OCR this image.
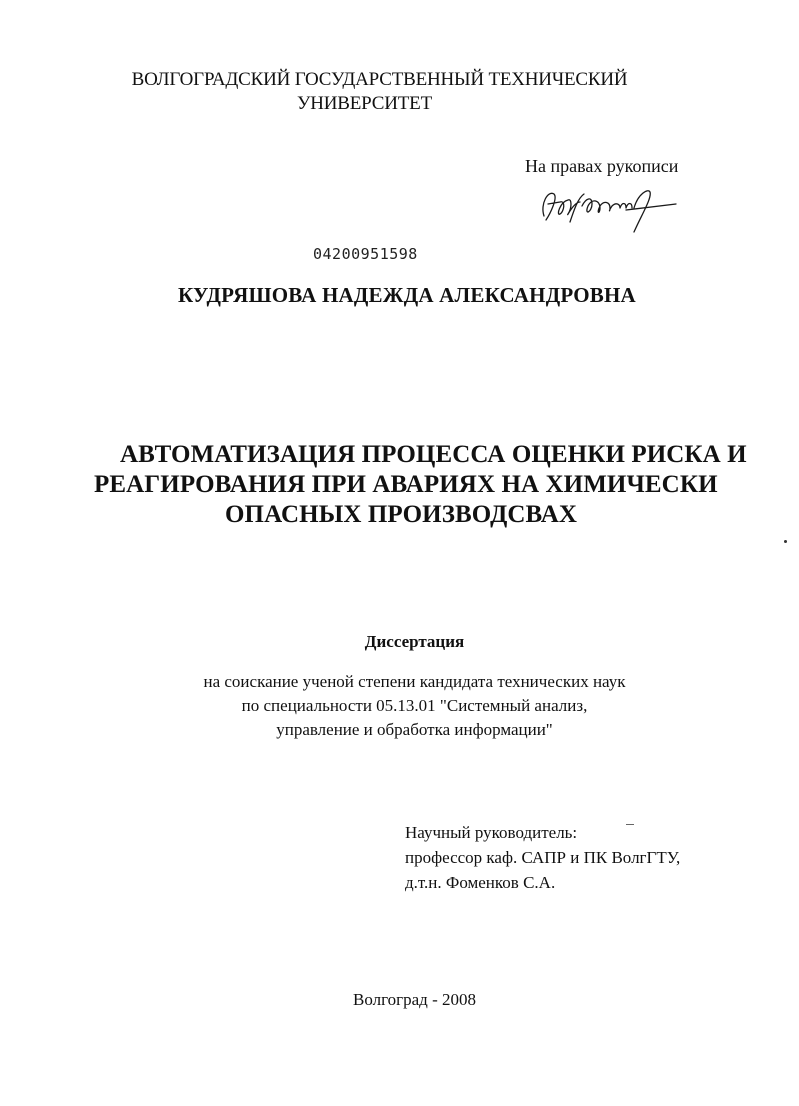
ВОЛГОГРАДСКИЙ ГОСУДАРСТВЕННЫЙ ТЕХНИЧЕСКИЙ
УНИВЕРСИТЕТ
На правах рукописи
04200951598
КУДРЯШОВА НАДЕЖДА АЛЕКСАНДРОВНА
АВТОМАТИЗАЦИЯ ПРОЦЕССА ОЦЕНКИ РИСКА И
РЕАГИРОВАНИЯ ПРИ АВАРИЯХ НА ХИМИЧЕСКИ
ОПАСНЫХ ПРОИЗВОДСВАХ
Диссертация
на соискание ученой степени кандидата технических наук
по специальности 05.13.01 "Системный анализ,
управление и обработка информации"
Научный руководитель:
профессор каф. САПР и ПК ВолгГТУ,
д.т.н. Фоменков С.А.
Волгоград - 2008
